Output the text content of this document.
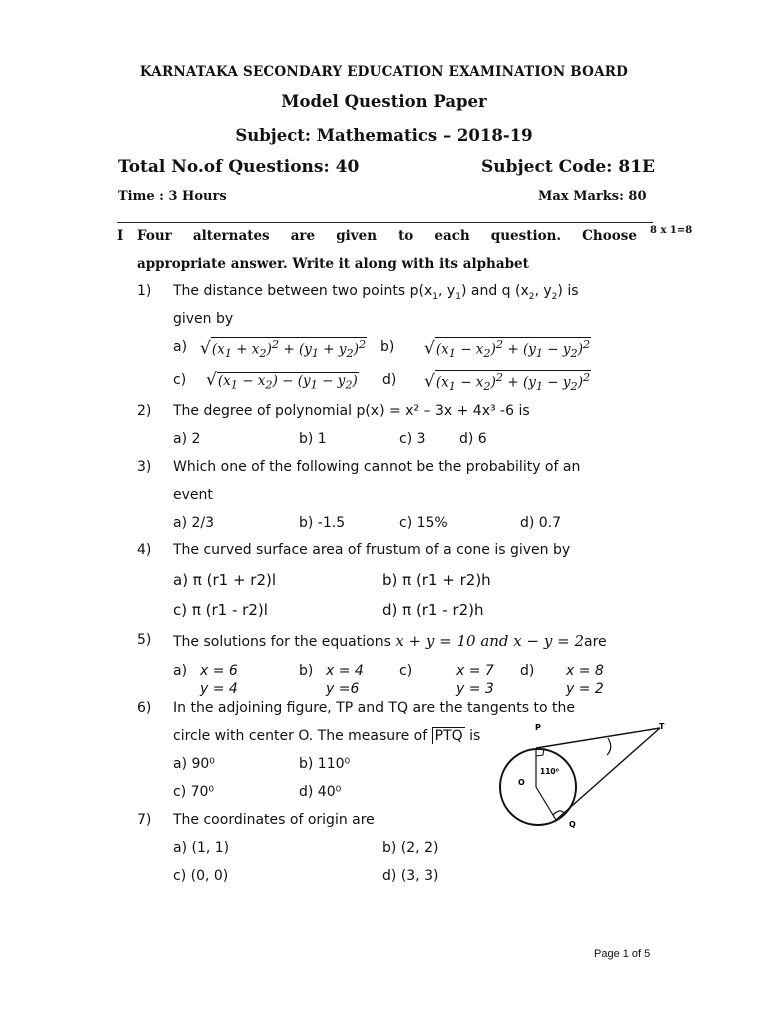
KARNATAKA SECONDARY EDUCATION EXAMINATION BOARD
Model Question Paper
Subject: Mathematics – 2018-19
Total No.of Questions: 40	Subject Code: 81E
Time : 3 Hours	Max Marks: 80
I Four alternates are given to each question. Choose 8 x 1=8
appropriate answer. Write it along with its alphabet
1) The distance between two points $p(x_1$, $y_1$) and q ($x_2$, $y_2$) is
given by
a) $√(x_1 + x_2)^2 + (y_1 + y_2)^2$ b) $√(x_1 - x_2)^2 + (y_1 - y_2)^2$
c) $√(x_1 - x_2) - (y_1 - y_2)$ d) $√(x_1 - x_2)^2 + (y_1 - y_2)^2$
2) The degree of polynomial p(x) = x² – 3x + 4x³ -6 is
a) 2	b) 1	c) 3 d) 6
3) Which one of the following cannot be the probability of an
event
a) 2/3	b) -1.5	c) 15%	d) 0.7
4) The curved surface area of frustum of a cone is given by
a) π (r1 + r2)l	b) π (r1 + r2)h
c) π (r1 - r2)l	d) π (r1 - r2)h
5) The solutions for the equations x + y = 10 and x − y = 2are
a) x = 6
y = 4
b) x = 4
y =6
c)	x = 7
y = 3
d) x = 8
y = 2
6) In the adjoining figure, TP and TQ are the tangents to the
circle with center O. The measure of PTQ is
a) 90⁰	b) 110⁰
c) 70⁰	d) 40⁰
P	T
O
Q
110⁰
7) The coordinates of origin are
a) (1, 1)	b) (2, 2)
c) (0, 0)	d) (3, 3)
Page 1 of 5
